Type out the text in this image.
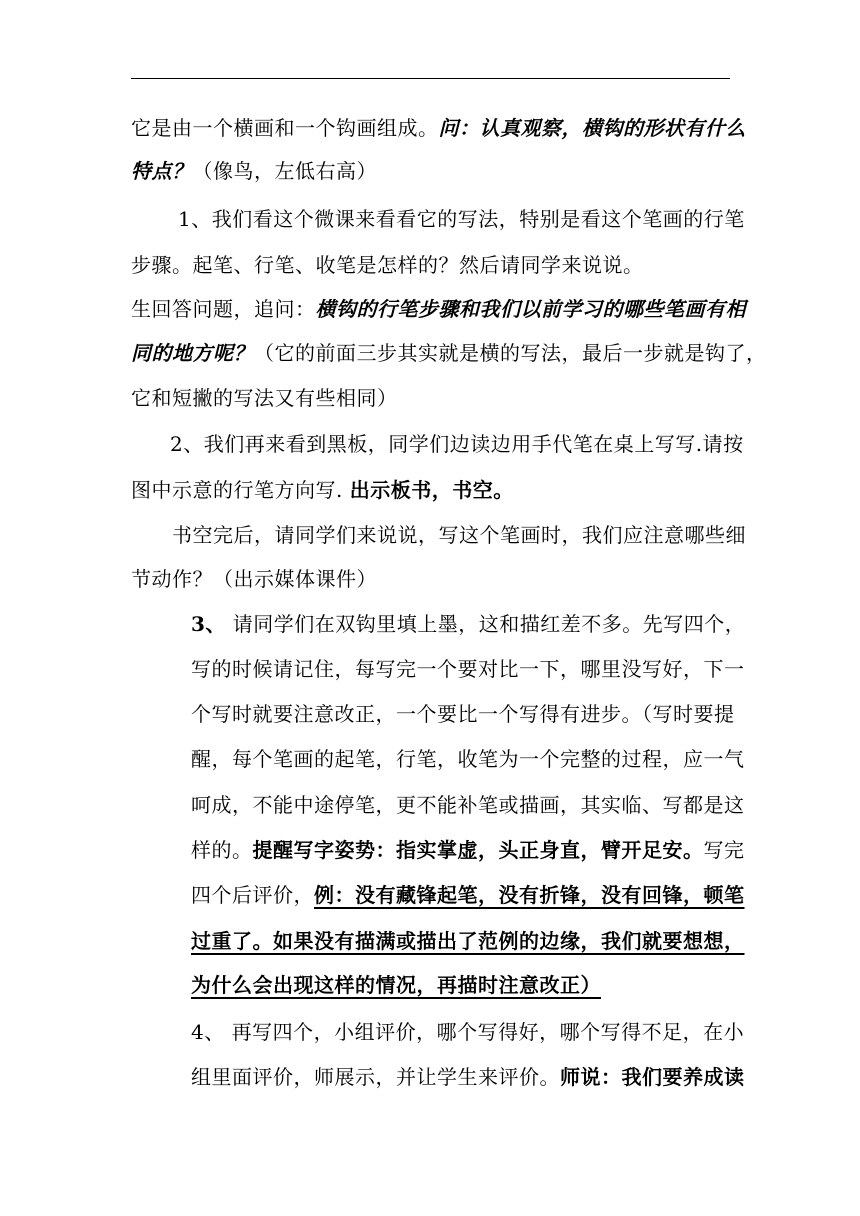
它是由一个横画和一个钩画组成。问：认真观察，横钩的形状有什么
特点？（像鸟，左低右高）
1、我们看这个微课来看看它的写法，特别是看这个笔画的行笔
步骤。起笔、行笔、收笔是怎样的？然后请同学来说说。
生回答问题，追问：横钩的行笔步骤和我们以前学习的哪些笔画有相
同的地方呢？（它的前面三步其实就是横的写法，最后一步就是钩了，
它和短撇的写法又有些相同）
2、我们再来看到黑板，同学们边读边用手代笔在桌上写写.请按
图中示意的行笔方向写. 出示板书，书空。
书空完后，请同学们来说说，写这个笔画时，我们应注意哪些细
节动作？（出示媒体课件）
3、 请同学们在双钩里填上墨，这和描红差不多。先写四个，
写的时候请记住，每写完一个要对比一下，哪里没写好，下一
个写时就要注意改正，一个要比一个写得有进步。（写时要提
醒，每个笔画的起笔，行笔，收笔为一个完整的过程，应一气
呵成，不能中途停笔，更不能补笔或描画，其实临、写都是这
样的。提醒写字姿势：指实掌虚，头正身直，臂开足安。写完
四个后评价，例：没有藏锋起笔，没有折锋，没有回锋，顿笔
过重了。如果没有描满或描出了范例的边缘，我们就要想想，
为什么会出现这样的情况，再描时注意改正）
4、 再写四个，小组评价，哪个写得好，哪个写得不足，在小
组里面评价，师展示，并让学生来评价。师说：我们要养成读
